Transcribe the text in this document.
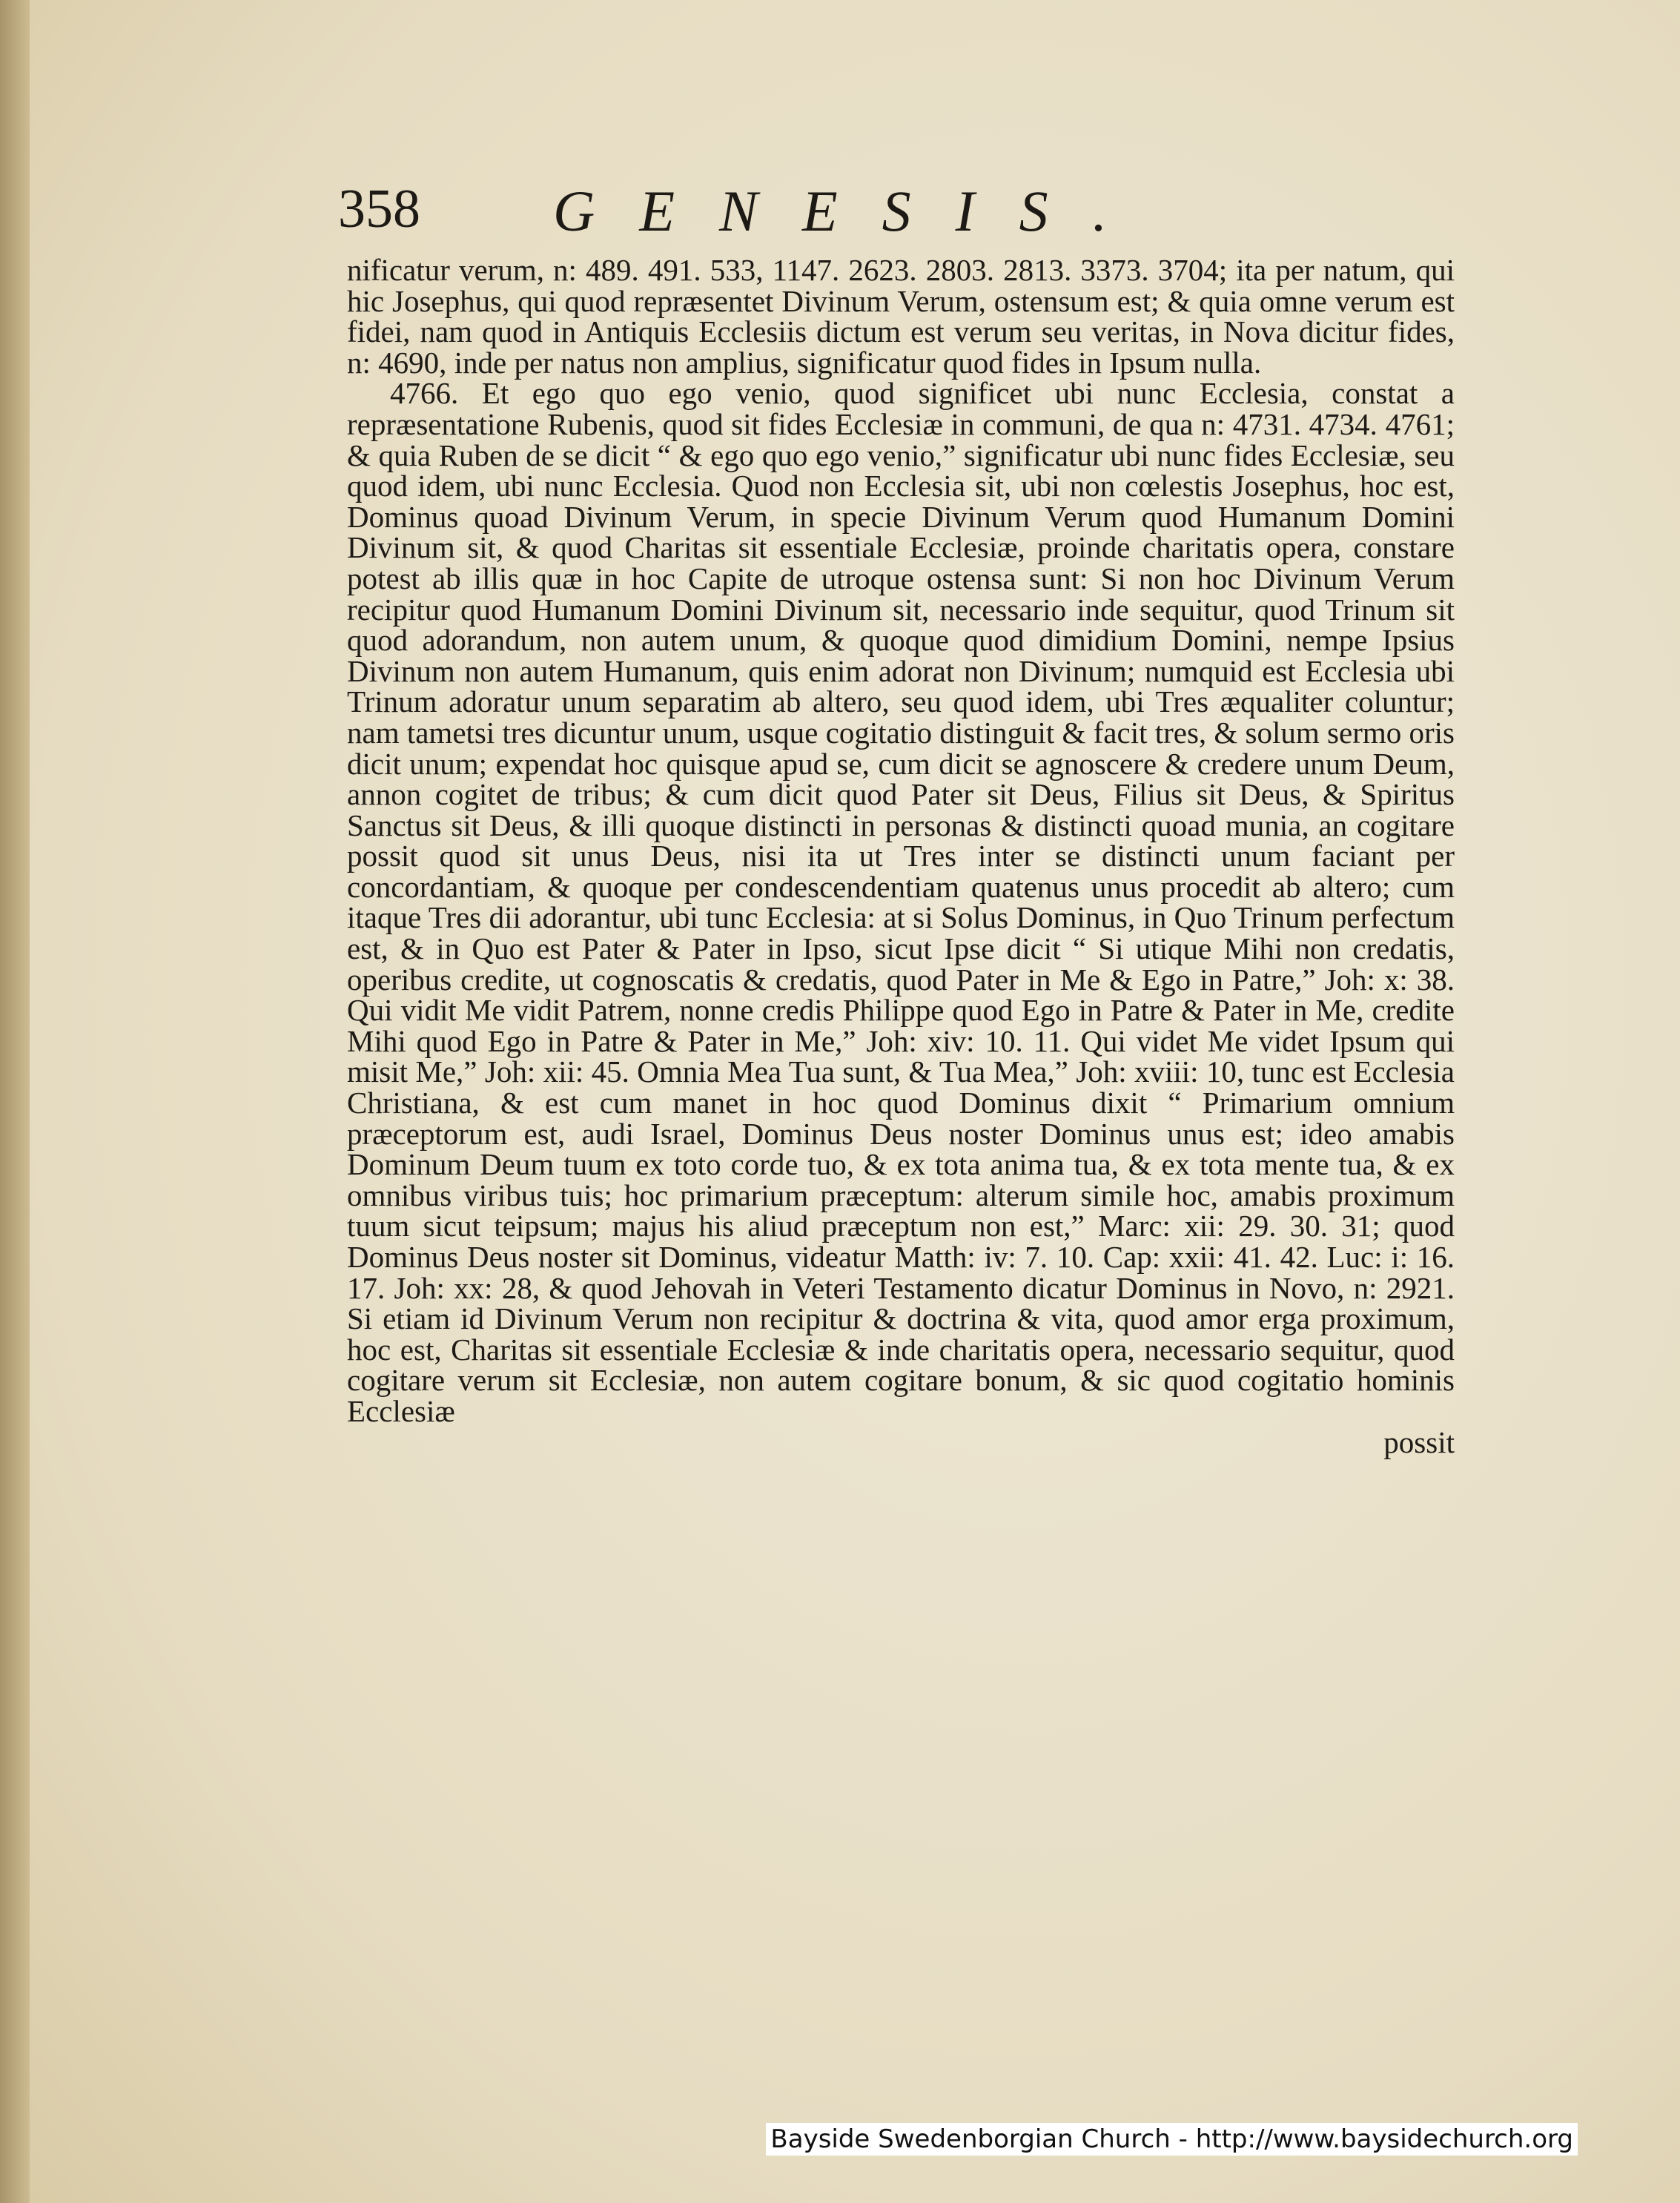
358 GENESIS.

nificatur verum, n: 489. 491. 533, 1147. 2623. 2803. 2813. 3373. 3704; ita per natum, qui hic Josephus, qui quod repræsentet Divinum Verum, ostensum est; & quia omne verum est fidei, nam quod in Antiquis Ecclesiis dictum est verum seu veritas, in Nova dicitur fides, n: 4690, inde per natus non amplius, significatur quod fides in Ipsum nulla.

4766. Et ego quo ego venio, quod significet ubi nunc Ecclesia, constat a repræsentatione Rubenis, quod sit fides Ecclesiæ in communi, de qua n: 4731. 4734. 4761; & quia Ruben de se dicit “ & ego quo ego venio,” significatur ubi nunc fides Ecclesiæ, seu quod idem, ubi nunc Ecclesia. Quod non Ecclesia sit, ubi non cœlestis Josephus, hoc est, Dominus quoad Divinum Verum, in specie Divinum Verum quod Humanum Domini Divinum sit, & quod Charitas sit essentiale Ecclesiæ, proinde charitatis opera, constare potest ab illis quæ in hoc Capite de utroque ostensa sunt: Si non hoc Divinum Verum recipitur quod Humanum Domini Divinum sit, necessario inde sequitur, quod Trinum sit quod adorandum, non autem unum, & quoque quod dimidium Domini, nempe Ipsius Divinum non autem Humanum, quis enim adorat non Divinum; numquid est Ecclesia ubi Trinum adoratur unum separatim ab altero, seu quod idem, ubi Tres æqualiter coluntur; nam tametsi tres dicuntur unum, usque cogitatio distinguit & facit tres, & solum sermo oris dicit unum; expendat hoc quisque apud se, cum dicit se agnoscere & credere unum Deum, annon cogitet de tribus; & cum dicit quod Pater sit Deus, Filius sit Deus, & Spiritus Sanctus sit Deus, & illi quoque distincti in personas & distincti quoad munia, an cogitare possit quod sit unus Deus, nisi ita ut Tres inter se distincti unum faciant per concordantiam, & quoque per condescendentiam quatenus unus procedit ab altero; cum itaque Tres dii adorantur, ubi tunc Ecclesia: at si Solus Dominus, in Quo Trinum perfectum est, & in Quo est Pater & Pater in Ipso, sicut Ipse dicit “ Si utique Mihi non credatis, operibus credite, ut cognoscatis & credatis, quod Pater in Me & Ego in Patre,” Joh: x: 38. Qui vidit Me vidit Patrem, nonne credis Philippe quod Ego in Patre & Pater in Me, credite Mihi quod Ego in Patre & Pater in Me,” Joh: xiv: 10. 11. Qui videt Me videt Ipsum qui misit Me,” Joh: xii: 45. Omnia Mea Tua sunt, & Tua Mea,” Joh: xviii: 10, tunc est Ecclesia Christiana, & est cum manet in hoc quod Dominus dixit “ Primarium omnium præceptorum est, audi Israel, Dominus Deus noster Dominus unus est; ideo amabis Dominum Deum tuum ex toto corde tuo, & ex tota anima tua, & ex tota mente tua, & ex omnibus viribus tuis; hoc primarium præceptum: alterum simile hoc, amabis proximum tuum sicut teipsum; majus his aliud præceptum non est,” Marc: xii: 29. 30. 31; quod Dominus Deus noster sit Dominus, videatur Matth: iv: 7. 10. Cap: xxii: 41. 42. Luc: i: 16. 17. Joh: xx: 28, & quod Jehovah in Veteri Testamento dicatur Dominus in Novo, n: 2921. Si etiam id Divinum Verum non recipitur & doctrina & vita, quod amor erga proximum, hoc est, Charitas sit essentiale Ecclesiæ & inde charitatis opera, necessario sequitur, quod cogitare verum sit Ecclesiæ, non autem cogitare bonum, & sic quod cogitatio hominis Ecclesiæ

possit

Bayside Swedenborgian Church - http://www.baysidechurch.org
